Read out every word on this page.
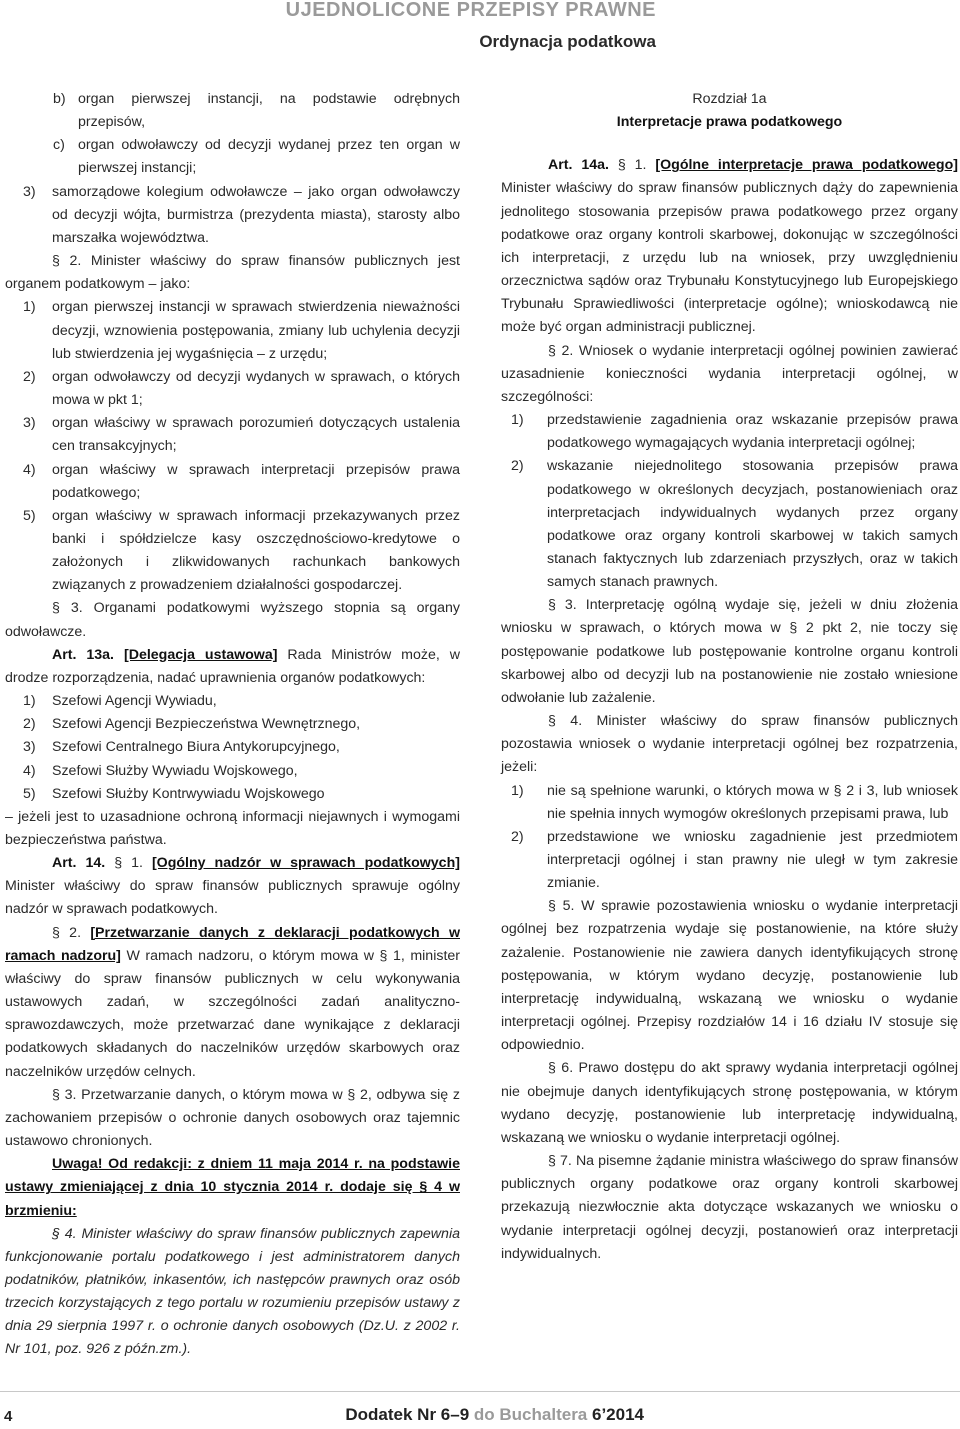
UJEDNOLICONE PRZEPISY PRAWNE
Ordynacja podatkowa
b) organ pierwszej instancji, na podstawie odrębnych przepisów,
c) organ odwoławczy od decyzji wydanej przez ten organ w pierwszej instancji;
3) samorządowe kolegium odwoławcze – jako organ odwoławczy od decyzji wójta, burmistrza (prezydenta miasta), starosty albo marszałka województwa.

§ 2. Minister właściwy do spraw finansów publicznych jest organem podatkowym – jako:

1) organ pierwszej instancji w sprawach stwierdzenia nieważności decyzji, wznowienia postępowania, zmiany lub uchylenia decyzji lub stwierdzenia jej wygaśnięcia – z urzędu;
2) organ odwoławczy od decyzji wydanych w sprawach, o których mowa w pkt 1;
3) organ właściwy w sprawach porozumień dotyczących ustalenia cen transakcyjnych;
4) organ właściwy w sprawach interpretacji przepisów prawa podatkowego;
5) organ właściwy w sprawach informacji przekazywanych przez banki i spółdzielcze kasy oszczędnościowo-kredytowe o założonych i zlikwidowanych rachunkach bankowych związanych z prowadzeniem działalności gospodarczej.

§ 3. Organami podatkowymi wyższego stopnia są organy odwoławcze.

Art. 13a. [Delegacja ustawowa] Rada Ministrów może, w drodze rozporządzenia, nadać uprawnienia organów podatkowych:

1) Szefowi Agencji Wywiadu,
2) Szefowi Agencji Bezpieczeństwa Wewnętrznego,
3) Szefowi Centralnego Biura Antykorupcyjnego,
4) Szefowi Służby Wywiadu Wojskowego,
5) Szefowi Służby Kontrwywiadu Wojskowego

– jeżeli jest to uzasadnione ochroną informacji niejawnych i wymogami bezpieczeństwa państwa.

Art. 14. § 1. [Ogólny nadzór w sprawach podatkowych] Minister właściwy do spraw finansów publicznych sprawuje ogólny nadzór w sprawach podatkowych.

§ 2. [Przetwarzanie danych z deklaracji podatkowych w ramach nadzoru] W ramach nadzoru, o którym mowa w § 1, minister właściwy do spraw finansów publicznych w celu wykonywania ustawowych zadań, w szczególności zadań analityczno-sprawozdawczych, może przetwarzać dane wynikające z deklaracji podatkowych składanych do naczelników urzędów skarbowych oraz naczelników urzędów celnych.

§ 3. Przetwarzanie danych, o którym mowa w § 2, odbywa się z zachowaniem przepisów o ochronie danych osobowych oraz tajemnic ustawowo chronionych.

Uwaga! Od redakcji: z dniem 11 maja 2014 r. na podstawie ustawy zmieniającej z dnia 10 stycznia 2014 r. dodaje się § 4 w brzmieniu:

§ 4. Minister właściwy do spraw finansów publicznych zapewnia funkcjonowanie portalu podatkowego i jest administratorem danych podatników, płatników, inkasentów, ich następców prawnych oraz osób trzecich korzystających z tego portalu w rozumieniu przepisów ustawy z dnia 29 sierpnia 1997 r. o ochronie danych osobowych (Dz.U. z 2002 r. Nr 101, poz. 926 z późn.zm.).

Rozdział 1a
Interpretacje prawa podatkowego

Art. 14a. § 1. [Ogólne interpretacje prawa podatkowego] Minister właściwy do spraw finansów publicznych dąży do zapewnienia jednolitego stosowania przepisów prawa podatkowego przez organy podatkowe oraz organy kontroli skarbowej, dokonując w szczególności ich interpretacji, z urzędu lub na wniosek, przy uwzględnieniu orzecznictwa sądów oraz Trybunału Konstytucyjnego lub Europejskiego Trybunału Sprawiedliwości (interpretacje ogólne); wnioskodawcą nie może być organ administracji publicznej.

§ 2. Wniosek o wydanie interpretacji ogólnej powinien zawierać uzasadnienie konieczności wydania interpretacji ogólnej, w szczególności:

1) przedstawienie zagadnienia oraz wskazanie przepisów prawa podatkowego wymagających wydania interpretacji ogólnej;
2) wskazanie niejednolitego stosowania przepisów prawa podatkowego w określonych decyzjach, postanowieniach oraz interpretacjach indywidualnych wydanych przez organy podatkowe oraz organy kontroli skarbowej w takich samych stanach faktycznych lub zdarzeniach przyszłych, oraz w takich samych stanach prawnych.

§ 3. Interpretację ogólną wydaje się, jeżeli w dniu złożenia wniosku w sprawach, o których mowa w § 2 pkt 2, nie toczy się postępowanie podatkowe lub postępowanie kontrolne organu kontroli skarbowej albo od decyzji lub na postanowienie nie zostało wniesione odwołanie lub zażalenie.

§ 4. Minister właściwy do spraw finansów publicznych pozostawia wniosek o wydanie interpretacji ogólnej bez rozpatrzenia, jeżeli:

1) nie są spełnione warunki, o których mowa w § 2 i 3, lub wniosek nie spełnia innych wymogów określonych przepisami prawa, lub
2) przedstawione we wniosku zagadnienie jest przedmiotem interpretacji ogólnej i stan prawny nie uległ w tym zakresie zmianie.

§ 5. W sprawie pozostawienia wniosku o wydanie interpretacji ogólnej bez rozpatrzenia wydaje się postanowienie, na które służy zażalenie. Postanowienie nie zawiera danych identyfikujących stronę postępowania, w którym wydano decyzję, postanowienie lub interpretację indywidualną, wskazaną we wniosku o wydanie interpretacji ogólnej. Przepisy rozdziałów 14 i 16 działu IV stosuje się odpowiednio.

§ 6. Prawo dostępu do akt sprawy wydania interpretacji ogólnej nie obejmuje danych identyfikujących stronę postępowania, w którym wydano decyzję, postanowienie lub interpretację indywidualną, wskazaną we wniosku o wydanie interpretacji ogólnej.

§ 7. Na pisemne żądanie ministra właściwego do spraw finansów publicznych organy podatkowe oraz organy kontroli skarbowej przekazują niezwłocznie akta dotyczące wskazanych we wniosku o wydanie interpretacji ogólnej decyzji, postanowień oraz interpretacji indywidualnych.

4	Dodatek Nr 6–9 do Buchaltera 6’2014
